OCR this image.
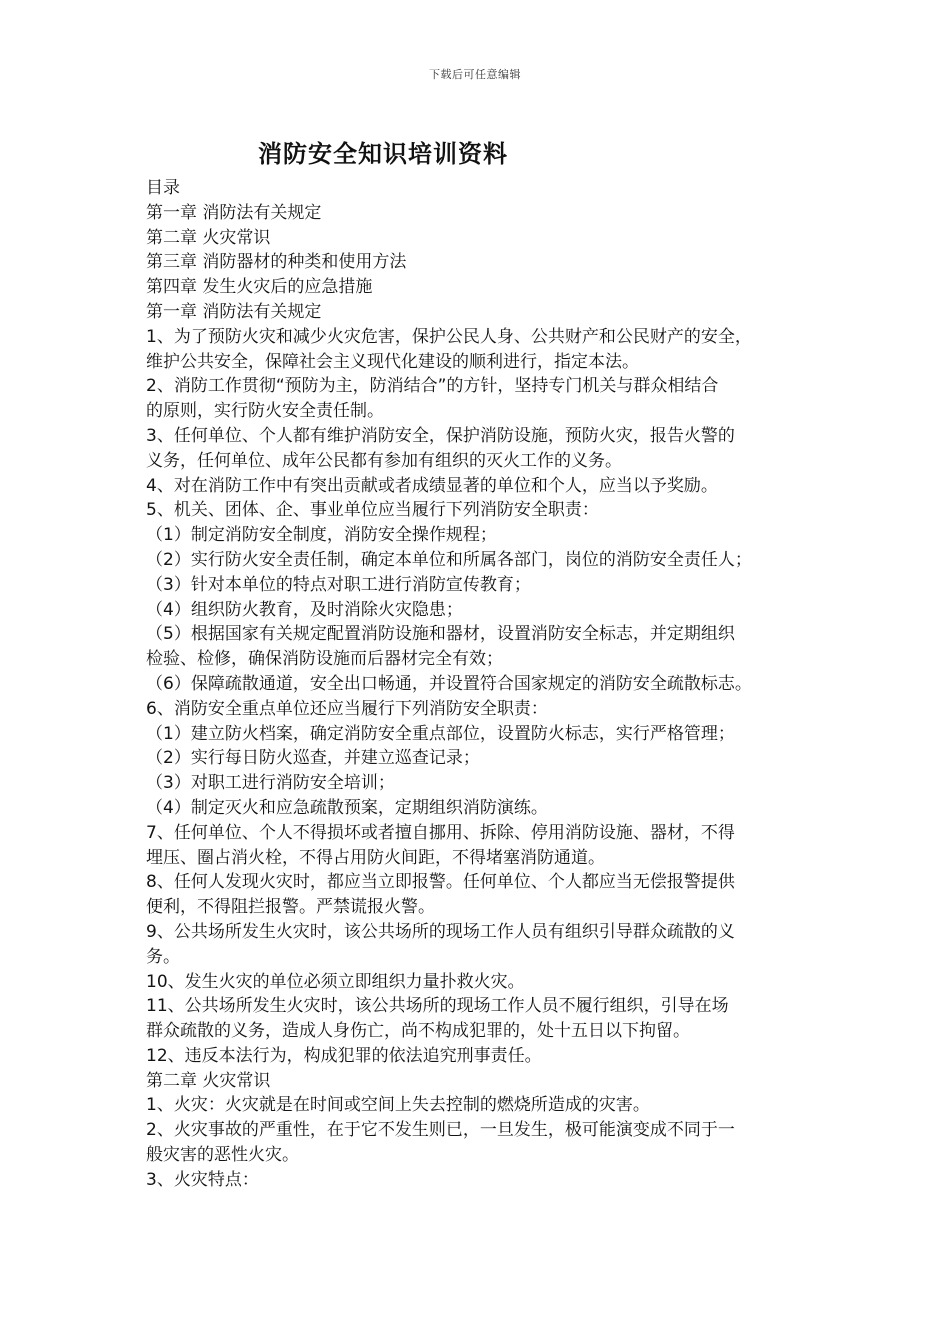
下载后可任意编辑
消防安全知识培训资料
目录
第一章 消防法有关规定
第二章 火灾常识
第三章 消防器材的种类和使用方法
第四章 发生火灾后的应急措施
第一章 消防法有关规定
1、为了预防火灾和减少火灾危害，保护公民人身、公共财产和公民财产的安全，
维护公共安全，保障社会主义现代化建设的顺利进行，指定本法。
2、消防工作贯彻“预防为主，防消结合”的方针，坚持专门机关与群众相结合
的原则，实行防火安全责任制。
3、任何单位、个人都有维护消防安全，保护消防设施，预防火灾，报告火警的
义务，任何单位、成年公民都有参加有组织的灭火工作的义务。
4、对在消防工作中有突出贡献或者成绩显著的单位和个人，应当以予奖励。
5、机关、团体、企、事业单位应当履行下列消防安全职责：
（1）制定消防安全制度，消防安全操作规程；
（2）实行防火安全责任制，确定本单位和所属各部门，岗位的消防安全责任人；
（3）针对本单位的特点对职工进行消防宣传教育；
（4）组织防火教育，及时消除火灾隐患；
（5）根据国家有关规定配置消防设施和器材，设置消防安全标志，并定期组织
检验、检修，确保消防设施而后器材完全有效；
（6）保障疏散通道，安全出口畅通，并设置符合国家规定的消防安全疏散标志。
6、消防安全重点单位还应当履行下列消防安全职责：
（1）建立防火档案，确定消防安全重点部位，设置防火标志，实行严格管理；
（2）实行每日防火巡查，并建立巡查记录；
（3）对职工进行消防安全培训；
（4）制定灭火和应急疏散预案，定期组织消防演练。
7、任何单位、个人不得损坏或者擅自挪用、拆除、停用消防设施、器材，不得
埋压、圈占消火栓，不得占用防火间距，不得堵塞消防通道。
8、任何人发现火灾时，都应当立即报警。任何单位、个人都应当无偿报警提供
便利，不得阻拦报警。严禁谎报火警。
9、公共场所发生火灾时，该公共场所的现场工作人员有组织引导群众疏散的义
务。
10、发生火灾的单位必须立即组织力量扑救火灾。
11、公共场所发生火灾时，该公共场所的现场工作人员不履行组织，引导在场
群众疏散的义务，造成人身伤亡，尚不构成犯罪的，处十五日以下拘留。
12、违反本法行为，构成犯罪的依法追究刑事责任。
第二章 火灾常识
1、火灾：火灾就是在时间或空间上失去控制的燃烧所造成的灾害。
2、火灾事故的严重性，在于它不发生则已，一旦发生，极可能演变成不同于一
般灾害的恶性火灾。
3、火灾特点：
